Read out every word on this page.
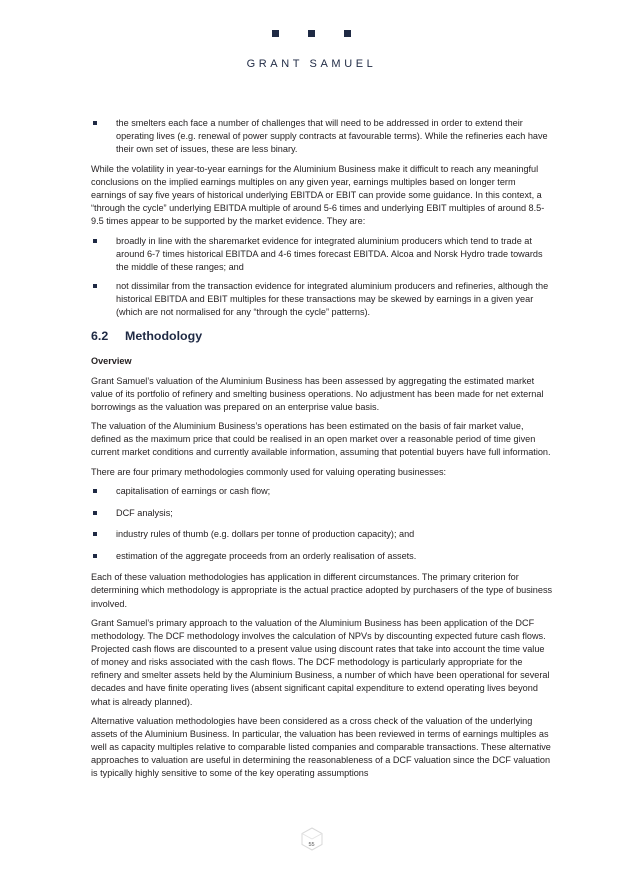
GRANT SAMUEL
the smelters each face a number of challenges that will need to be addressed in order to extend their operating lives (e.g. renewal of power supply contracts at favourable terms). While the refineries each have their own set of issues, these are less binary.

While the volatility in year-to-year earnings for the Aluminium Business make it difficult to reach any meaningful conclusions on the implied earnings multiples on any given year, earnings multiples based on longer term earnings of say five years of historical underlying EBITDA or EBIT can provide some guidance. In this context, a “through the cycle” underlying EBITDA multiple of around 5-6 times and underlying EBIT multiples of around 8.5-9.5 times appear to be supported by the market evidence. They are:

broadly in line with the sharemarket evidence for integrated aluminium producers which tend to trade at around 6-7 times historical EBITDA and 4-6 times forecast EBITDA. Alcoa and Norsk Hydro trade towards the middle of these ranges; and
not dissimilar from the transaction evidence for integrated aluminium producers and refineries, although the historical EBITDA and EBIT multiples for these transactions may be skewed by earnings in a given year (which are not normalised for any “through the cycle” patterns).
6.2 Methodology
Overview

Grant Samuel’s valuation of the Aluminium Business has been assessed by aggregating the estimated market value of its portfolio of refinery and smelting business operations. No adjustment has been made for net external borrowings as the valuation was prepared on an enterprise value basis.

The valuation of the Aluminium Business’s operations has been estimated on the basis of fair market value, defined as the maximum price that could be realised in an open market over a reasonable period of time given current market conditions and currently available information, assuming that potential buyers have full information.

There are four primary methodologies commonly used for valuing operating businesses:

capitalisation of earnings or cash flow;
DCF analysis;
industry rules of thumb (e.g. dollars per tonne of production capacity); and
estimation of the aggregate proceeds from an orderly realisation of assets.

Each of these valuation methodologies has application in different circumstances. The primary criterion for determining which methodology is appropriate is the actual practice adopted by purchasers of the type of business involved.

Grant Samuel’s primary approach to the valuation of the Aluminium Business has been application of the DCF methodology. The DCF methodology involves the calculation of NPVs by discounting expected future cash flows. Projected cash flows are discounted to a present value using discount rates that take into account the time value of money and risks associated with the cash flows. The DCF methodology is particularly appropriate for the refinery and smelter assets held by the Aluminium Business, a number of which have been operational for several decades and have finite operating lives (absent significant capital expenditure to extend operating lives beyond what is already planned).

Alternative valuation methodologies have been considered as a cross check of the valuation of the underlying assets of the Aluminium Business. In particular, the valuation has been reviewed in terms of earnings multiples as well as capacity multiples relative to comparable listed companies and comparable transactions. These alternative approaches to valuation are useful in determining the reasonableness of a DCF valuation since the DCF valuation is typically highly sensitive to some of the key operating assumptions

55
